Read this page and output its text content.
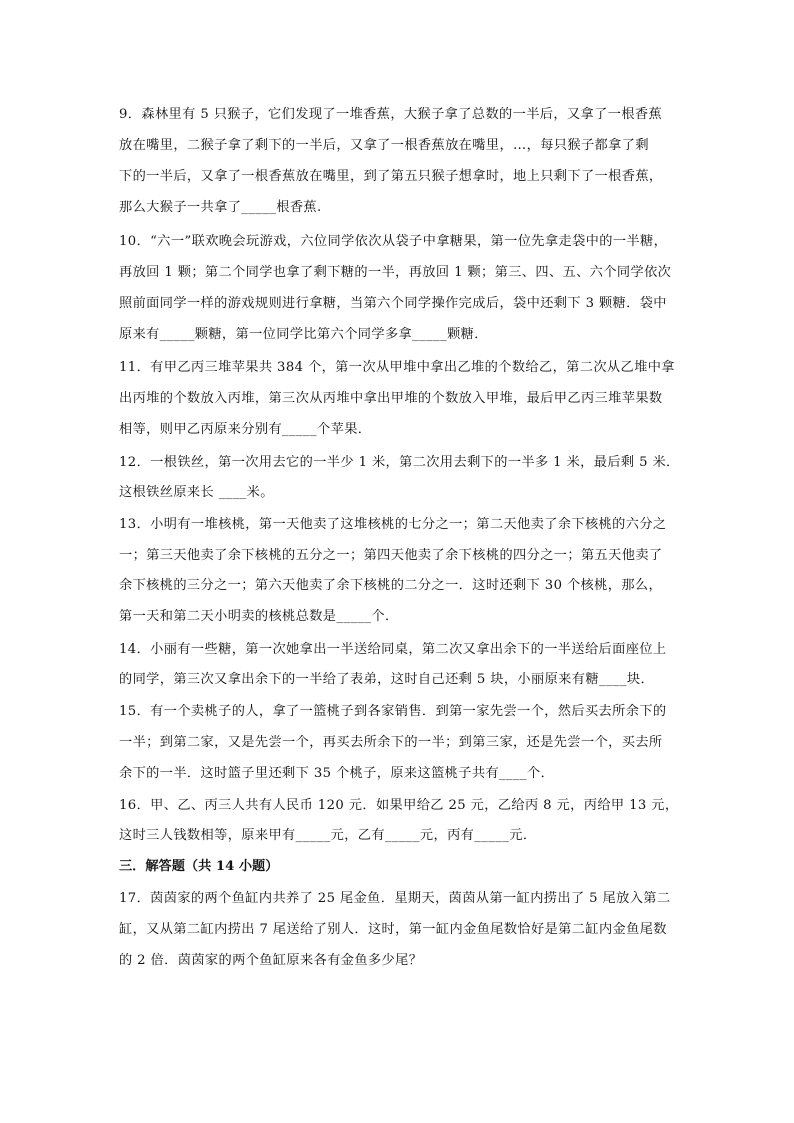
9．森林里有 5 只猴子，它们发现了一堆香蕉，大猴子拿了总数的一半后，又拿了一根香蕉
放在嘴里，二猴子拿了剩下的一半后，又拿了一根香蕉放在嘴里，…，每只猴子都拿了剩
下的一半后，又拿了一根香蕉放在嘴里，到了第五只猴子想拿时，地上只剩下了一根香蕉，
那么大猴子一共拿了_____根香蕉.
10．“六一”联欢晚会玩游戏，六位同学依次从袋子中拿糖果，第一位先拿走袋中的一半糖，
再放回 1 颗；第二个同学也拿了剩下糖的一半，再放回 1 颗；第三、四、五、六个同学依次
照前面同学一样的游戏规则进行拿糖，当第六个同学操作完成后，袋中还剩下 3 颗糖．袋中
原来有_____颗糖，第一位同学比第六个同学多拿_____颗糖．
11．有甲乙丙三堆苹果共 384 个，第一次从甲堆中拿出乙堆的个数给乙，第二次从乙堆中拿
出丙堆的个数放入丙堆，第三次从丙堆中拿出甲堆的个数放入甲堆，最后甲乙丙三堆苹果数
相等，则甲乙丙原来分别有_____个苹果．
12．一根铁丝，第一次用去它的一半少 1 米，第二次用去剩下的一半多 1 米，最后剩 5 米．
这根铁丝原来长 ____米。
13．小明有一堆核桃，第一天他卖了这堆核桃的七分之一；第二天他卖了余下核桃的六分之
一；第三天他卖了余下核桃的五分之一；第四天他卖了余下核桃的四分之一；第五天他卖了
余下核桃的三分之一；第六天他卖了余下核桃的二分之一．这时还剩下 30 个核桃，那么，
第一天和第二天小明卖的核桃总数是_____个．
14．小丽有一些糖，第一次她拿出一半送给同桌，第二次又拿出余下的一半送给后面座位上
的同学，第三次又拿出余下的一半给了表弟，这时自己还剩 5 块，小丽原来有糖____块．
15．有一个卖桃子的人，拿了一篮桃子到各家销售．到第一家先尝一个，然后买去所余下的
一半；到第二家，又是先尝一个，再买去所余下的一半；到第三家，还是先尝一个，买去所
余下的一半．这时篮子里还剩下 35 个桃子，原来这篮桃子共有____个．
16．甲、乙、丙三人共有人民币 120 元．如果甲给乙 25 元，乙给丙 8 元，丙给甲 13 元，
这时三人钱数相等，原来甲有_____元，乙有_____元，丙有_____元．
三．解答题（共 14 小题）
17．茵茵家的两个鱼缸内共养了 25 尾金鱼．星期天，茵茵从第一缸内捞出了 5 尾放入第二
缸，又从第二缸内捞出 7 尾送给了别人．这时，第一缸内金鱼尾数恰好是第二缸内金鱼尾数
的 2 倍．茵茵家的两个鱼缸原来各有金鱼多少尾？
